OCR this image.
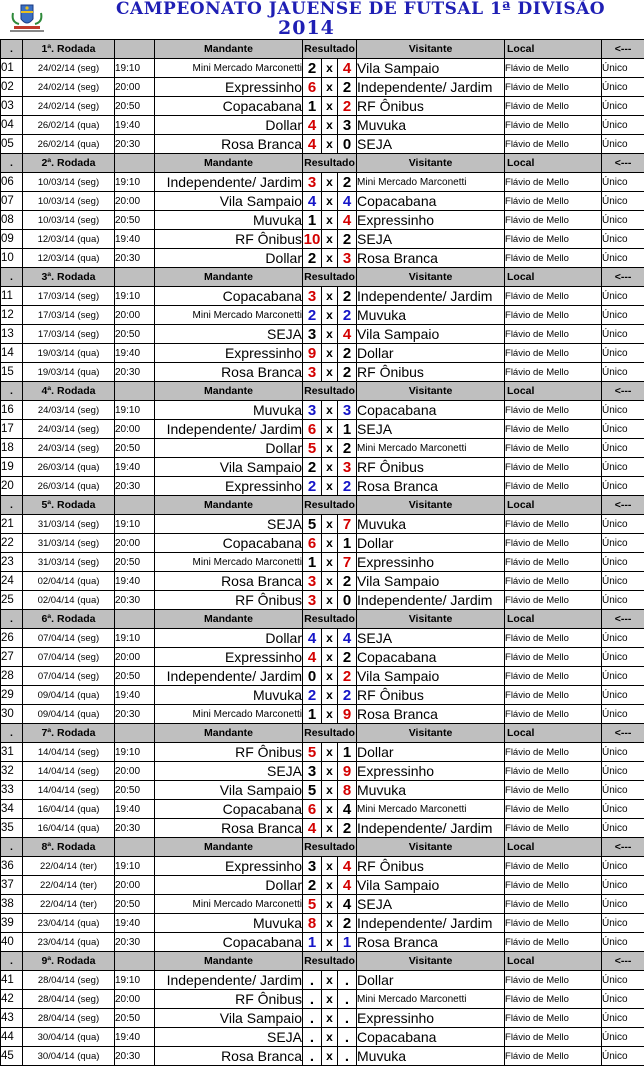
CAMPEONATO JAUENSE DE FUTSAL 1ª DIVISÃO
2014
.	1ª. Rodada		Mandante	Resultado			Visitante	Local	<---
01	24/02/14 (seg)	19:10	Mini Mercado Marconetti	2	x	4	Vila Sampaio	Flávio de Mello	Único
02	24/02/14 (seg)	20:00	Expressinho	6	x	2	Independente/ Jardim	Flávio de Mello	Único
03	24/02/14 (seg)	20:50	Copacabana	1	x	2	RF Ônibus	Flávio de Mello	Único
04	26/02/14 (qua)	19:40	Dollar	4	x	3	Muvuka	Flávio de Mello	Único
05	26/02/14 (qua)	20:30	Rosa Branca	4	x	0	SEJA	Flávio de Mello	Único
.	2ª. Rodada		Mandante	Resultado			Visitante	Local	<---
06	10/03/14 (seg)	19:10	Independente/ Jardim	3	x	2	Mini Mercado Marconetti	Flávio de Mello	Único
07	10/03/14 (seg)	20:00	Vila Sampaio	4	x	4	Copacabana	Flávio de Mello	Único
08	10/03/14 (seg)	20:50	Muvuka	1	x	4	Expressinho	Flávio de Mello	Único
09	12/03/14 (qua)	19:40	RF Ônibus	10	x	2	SEJA	Flávio de Mello	Único
10	12/03/14 (qua)	20:30	Dollar	2	x	3	Rosa Branca	Flávio de Mello	Único
.	3ª. Rodada		Mandante	Resultado			Visitante	Local	<---
11	17/03/14 (seg)	19:10	Copacabana	3	x	2	Independente/ Jardim	Flávio de Mello	Único
12	17/03/14 (seg)	20:00	Mini Mercado Marconetti	2	x	2	Muvuka	Flávio de Mello	Único
13	17/03/14 (seg)	20:50	SEJA	3	x	4	Vila Sampaio	Flávio de Mello	Único
14	19/03/14 (qua)	19:40	Expressinho	9	x	2	Dollar	Flávio de Mello	Único
15	19/03/14 (qua)	20:30	Rosa Branca	3	x	2	RF Ônibus	Flávio de Mello	Único
.	4ª. Rodada		Mandante	Resultado			Visitante	Local	<---
16	24/03/14 (seg)	19:10	Muvuka	3	x	3	Copacabana	Flávio de Mello	Único
17	24/03/14 (seg)	20:00	Independente/ Jardim	6	x	1	SEJA	Flávio de Mello	Único
18	24/03/14 (seg)	20:50	Dollar	5	x	2	Mini Mercado Marconetti	Flávio de Mello	Único
19	26/03/14 (qua)	19:40	Vila Sampaio	2	x	3	RF Ônibus	Flávio de Mello	Único
20	26/03/14 (qua)	20:30	Expressinho	2	x	2	Rosa Branca	Flávio de Mello	Único
.	5ª. Rodada		Mandante	Resultado			Visitante	Local	<---
21	31/03/14 (seg)	19:10	SEJA	5	x	7	Muvuka	Flávio de Mello	Único
22	31/03/14 (seg)	20:00	Copacabana	6	x	1	Dollar	Flávio de Mello	Único
23	31/03/14 (seg)	20:50	Mini Mercado Marconetti	1	x	7	Expressinho	Flávio de Mello	Único
24	02/04/14 (qua)	19:40	Rosa Branca	3	x	2	Vila Sampaio	Flávio de Mello	Único
25	02/04/14 (qua)	20:30	RF Ônibus	3	x	0	Independente/ Jardim	Flávio de Mello	Único
.	6ª. Rodada		Mandante	Resultado			Visitante	Local	<---
26	07/04/14 (seg)	19:10	Dollar	4	x	4	SEJA	Flávio de Mello	Único
27	07/04/14 (seg)	20:00	Expressinho	4	x	2	Copacabana	Flávio de Mello	Único
28	07/04/14 (seg)	20:50	Independente/ Jardim	0	x	2	Vila Sampaio	Flávio de Mello	Único
29	09/04/14 (qua)	19:40	Muvuka	2	x	2	RF Ônibus	Flávio de Mello	Único
30	09/04/14 (qua)	20:30	Mini Mercado Marconetti	1	x	9	Rosa Branca	Flávio de Mello	Único
.	7ª. Rodada		Mandante	Resultado			Visitante	Local	<---
31	14/04/14 (seg)	19:10	RF Ônibus	5	x	1	Dollar	Flávio de Mello	Único
32	14/04/14 (seg)	20:00	SEJA	3	x	9	Expressinho	Flávio de Mello	Único
33	14/04/14 (seg)	20:50	Vila Sampaio	5	x	8	Muvuka	Flávio de Mello	Único
34	16/04/14 (qua)	19:40	Copacabana	6	x	4	Mini Mercado Marconetti	Flávio de Mello	Único
35	16/04/14 (qua)	20:30	Rosa Branca	4	x	2	Independente/ Jardim	Flávio de Mello	Único
.	8ª. Rodada		Mandante	Resultado			Visitante	Local	<---
36	22/04/14 (ter)	19:10	Expressinho	3	x	4	RF Ônibus	Flávio de Mello	Único
37	22/04/14 (ter)	20:00	Dollar	2	x	4	Vila Sampaio	Flávio de Mello	Único
38	22/04/14 (ter)	20:50	Mini Mercado Marconetti	5	x	4	SEJA	Flávio de Mello	Único
39	23/04/14 (qua)	19:40	Muvuka	8	x	2	Independente/ Jardim	Flávio de Mello	Único
40	23/04/14 (qua)	20:30	Copacabana	1	x	1	Rosa Branca	Flávio de Mello	Único
.	9ª. Rodada		Mandante	Resultado			Visitante	Local	<---
41	28/04/14 (seg)	19:10	Independente/ Jardim	.	x	.	Dollar	Flávio de Mello	Único
42	28/04/14 (seg)	20:00	RF Ônibus	.	x	.	Mini Mercado Marconetti	Flávio de Mello	Único
43	28/04/14 (seg)	20:50	Vila Sampaio	.	x	.	Expressinho	Flávio de Mello	Único
44	30/04/14 (qua)	19:40	SEJA	.	x	.	Copacabana	Flávio de Mello	Único
45	30/04/14 (qua)	20:30	Rosa Branca	.	x	.	Muvuka	Flávio de Mello	Único
